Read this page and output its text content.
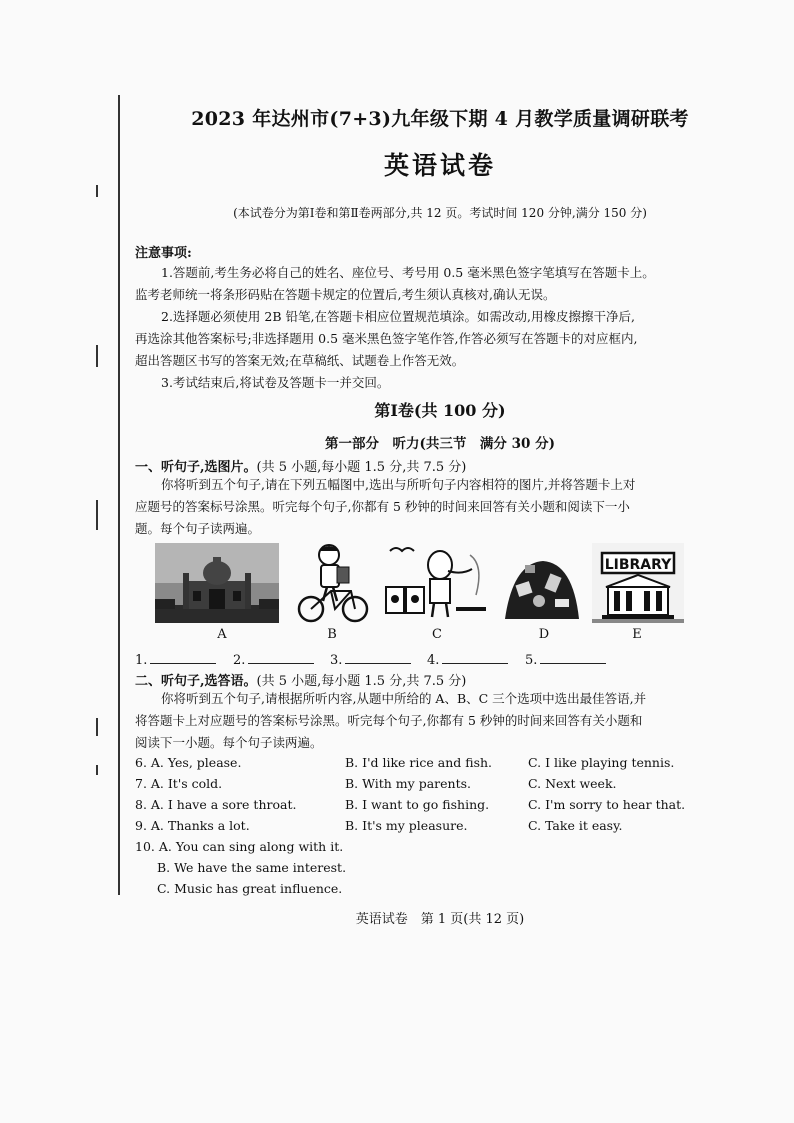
2023 年达州市(7+3)九年级下期 4 月教学质量调研联考
英语试卷
(本试卷分为第Ⅰ卷和第Ⅱ卷两部分,共 12 页。考试时间 120 分钟,满分 150 分)
注意事项:
1.答题前,考生务必将自己的姓名、座位号、考号用 0.5 毫米黑色签字笔填写在答题卡上。
监考老师统一将条形码贴在答题卡规定的位置后,考生须认真核对,确认无误。
2.选择题必须使用 2B 铅笔,在答题卡相应位置规范填涂。如需改动,用橡皮擦擦干净后,
再选涂其他答案标号;非选择题用 0.5 毫米黑色签字笔作答,作答必须写在答题卡的对应框内,
超出答题区书写的答案无效;在草稿纸、试题卷上作答无效。
3.考试结束后,将试卷及答题卡一并交回。
第Ⅰ卷(共 100 分)
第一部分　听力(共三节　满分 30 分)
一、听句子,选图片。(共 5 小题,每小题 1.5 分,共 7.5 分)
你将听到五个句子,请在下列五幅图中,选出与所听句子内容相符的图片,并将答题卡上对
应题号的答案标号涂黑。听完每个句子,你都有 5 秒钟的时间来回答有关小题和阅读下一小
题。每个句子读两遍。
LIBRARY
A	B	C	D	E
1.	2.	3.	4.	5.
二、听句子,选答语。(共 5 小题,每小题 1.5 分,共 7.5 分)
你将听到五个句子,请根据所听内容,从题中所给的 A、B、C 三个选项中选出最佳答语,并
将答题卡上对应题号的答案标号涂黑。听完每个句子,你都有 5 秒钟的时间来回答有关小题和
阅读下一小题。每个句子读两遍。
6. A. Yes, please.	B. I'd like rice and fish.	C. I like playing tennis.
7. A. It's cold.	B. With my parents.	C. Next week.
8. A. I have a sore throat.	B. I want to go fishing.	C. I'm sorry to hear that.
9. A. Thanks a lot.	B. It's my pleasure.	C. Take it easy.
10. A. You can sing along with it.
B. We have the same interest.
C. Music has great influence.
英语试卷　第 1 页(共 12 页)
